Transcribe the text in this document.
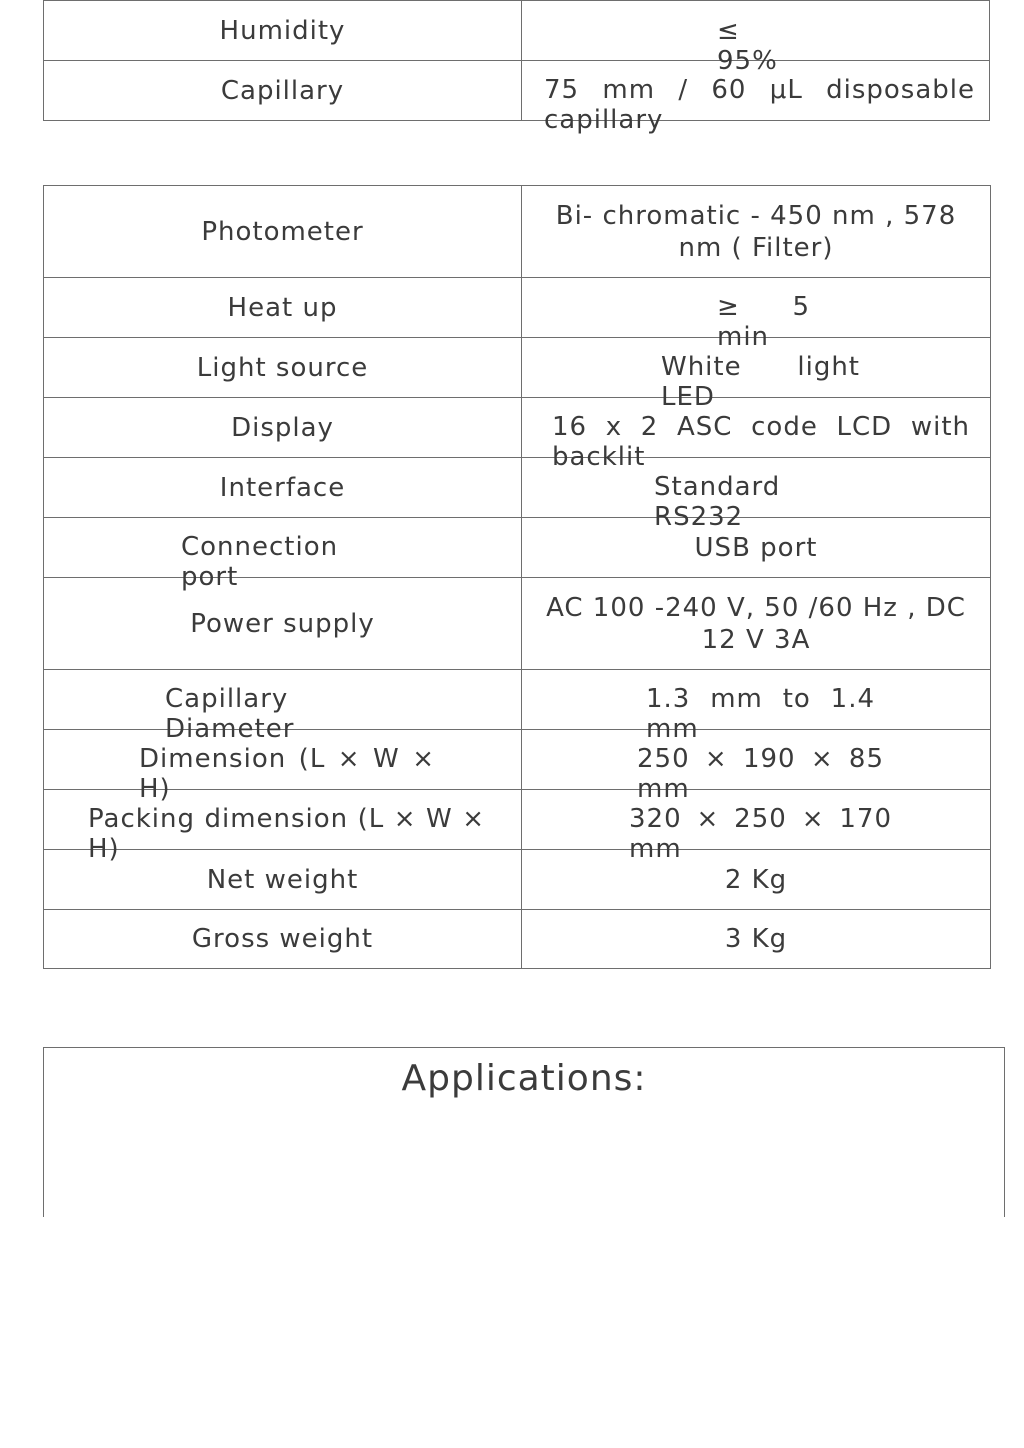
Humidity	≤ 95%

Capillary	75 mm / 60 μL disposable capillary
Photometer	Bi- chromatic - 450 nm , 578 nm ( Filter)

Heat up	≥ 5 min

Light source	White light LED

Display	16 x 2 ASC code LCD with backlit

Interface	Standard RS232

Connection port	USB port

Power supply	AC 100 -240 V, 50 /60 Hz , DC 12 V 3A

Capillary Diameter	1.3 mm to 1.4 mm

Dimension (L × W × H)	250 × 190 × 85 mm

Packing dimension (L × W × H)	320 × 250 × 170 mm

Net weight	2 Kg

Gross weight	3 Kg
Applications:
